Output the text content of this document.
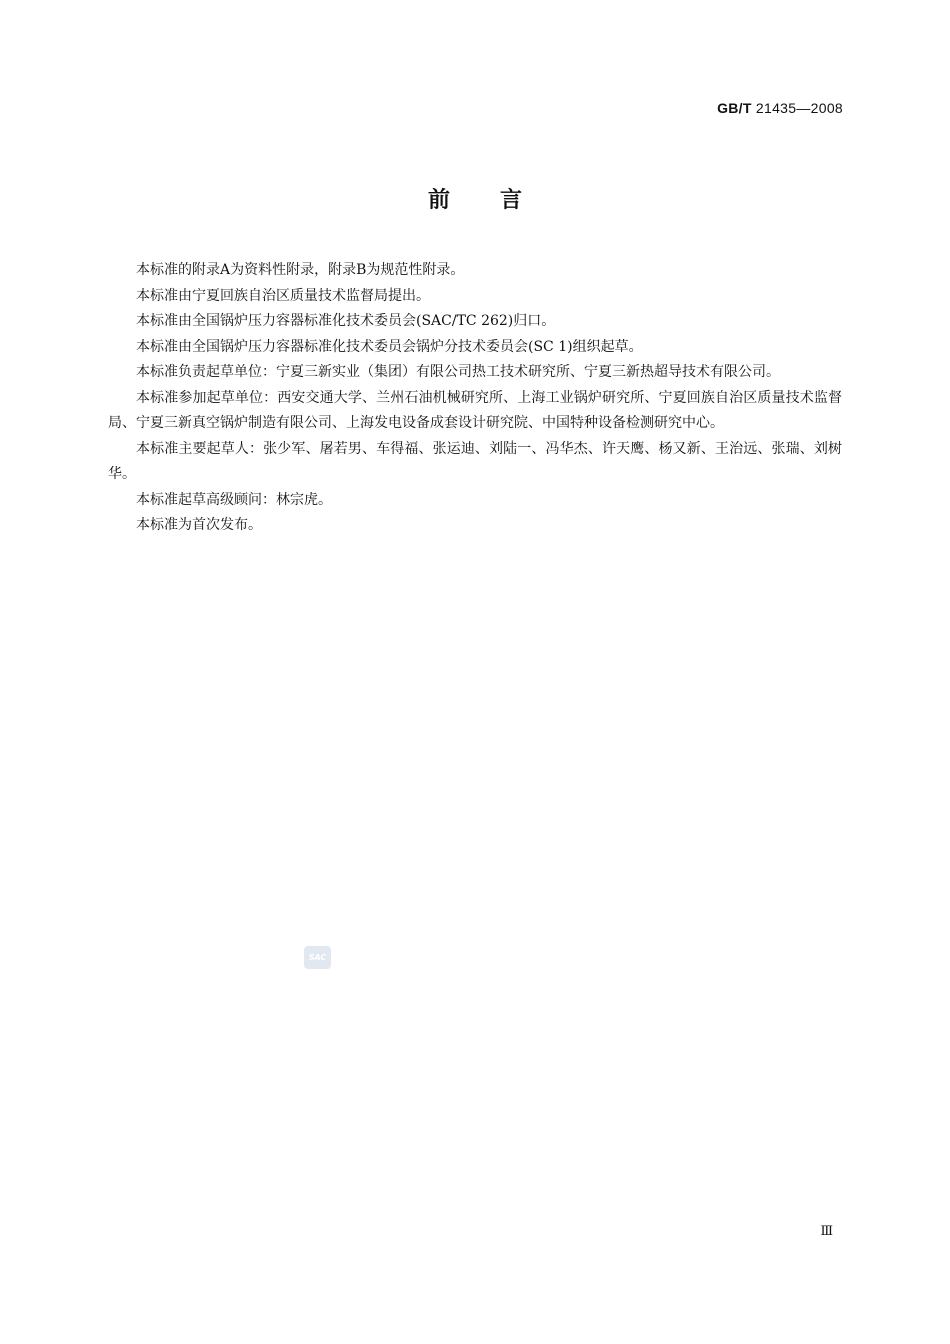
GB/T 21435—2008
前言

本标准的附录A为资料性附录，附录B为规范性附录。

本标准由宁夏回族自治区质量技术监督局提出。

本标准由全国锅炉压力容器标准化技术委员会(SAC/TC 262)归口。

本标准由全国锅炉压力容器标准化技术委员会锅炉分技术委员会(SC 1)组织起草。

本标准负责起草单位：宁夏三新实业（集团）有限公司热工技术研究所、宁夏三新热超导技术有限公司。

本标准参加起草单位：西安交通大学、兰州石油机械研究所、上海工业锅炉研究所、宁夏回族自治区质量技术监督局、宁夏三新真空锅炉制造有限公司、上海发电设备成套设计研究院、中国特种设备检测研究中心。

本标准主要起草人：张少军、屠若男、车得福、张运迪、刘陆一、冯华杰、许天鹰、杨又新、王治远、张瑞、刘树华。

本标准起草高级顾问：林宗虎。

本标准为首次发布。

SAC
Ⅲ
